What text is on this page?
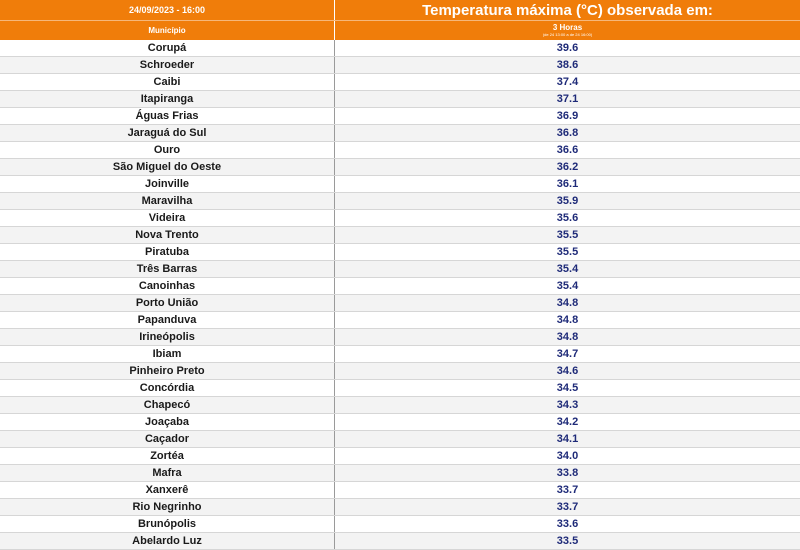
24/09/2023 - 16:00	Temperatura máxima (°C) observada em:
Município	3 Horas
(de 24 13:00 a de 24 16:00)
Corupá	39.6
Schroeder	38.6
Caibi	37.4
Itapiranga	37.1
Águas Frias	36.9
Jaraguá do Sul	36.8
Ouro	36.6
São Miguel do Oeste	36.2
Joinville	36.1
Maravilha	35.9
Videira	35.6
Nova Trento	35.5
Piratuba	35.5
Três Barras	35.4
Canoinhas	35.4
Porto União	34.8
Papanduva	34.8
Irineópolis	34.8
Ibiam	34.7
Pinheiro Preto	34.6
Concórdia	34.5
Chapecó	34.3
Joaçaba	34.2
Caçador	34.1
Zortéa	34.0
Mafra	33.8
Xanxerê	33.7
Rio Negrinho	33.7
Brunópolis	33.6
Abelardo Luz	33.5
